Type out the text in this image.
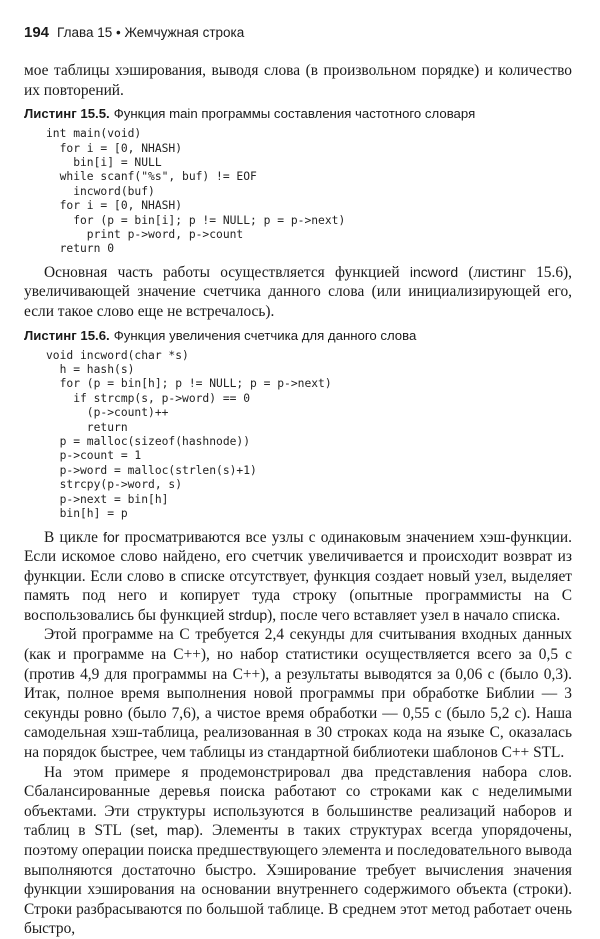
194 Глава 15 • Жемчужная строка

мое таблицы хэширования, выводя слова (в произвольном порядке) и количество их повторений.

Листинг 15.5. Функция main программы составления частотного словаря
int main(void)
for i = [0, NHASH)
bin[i] = NULL
while scanf("%s", buf) != EOF
incword(buf)
for i = [0, NHASH)
for (p = bin[i]; p != NULL; p = p->next)
print p->word, p->count
return 0

Основная часть работы осуществляется функцией incword (листинг 15.6), увеличивающей значение счетчика данного слова (или инициализирующей его, если такое слово еще не встречалось).

Листинг 15.6. Функция увеличения счетчика для данного слова
void incword(char *s)
h = hash(s)
for (p = bin[h]; p != NULL; p = p->next)
if strcmp(s, p->word) == 0
(p->count)++
return
p = malloc(sizeof(hashnode))
p->count = 1
p->word = malloc(strlen(s)+1)
strcpy(p->word, s)
p->next = bin[h]
bin[h] = p

В цикле for просматриваются все узлы с одинаковым значением хэш-функции. Если искомое слово найдено, его счетчик увеличивается и происходит возврат из функции. Если слово в списке отсутствует, функция создает новый узел, выделяет память под него и копирует туда строку (опытные программисты на C воспользовались бы функцией strdup), после чего вставляет узел в начало списка.

Этой программе на C требуется 2,4 секунды для считывания входных данных (как и программе на C++), но набор статистики осуществляется всего за 0,5 с (против 4,9 для программы на C++), а результаты выводятся за 0,06 с (было 0,3). Итак, полное время выполнения новой программы при обработке Библии — 3 секунды ровно (было 7,6), а чистое время обработки — 0,55 с (было 5,2 с). Наша самодельная хэш-таблица, реализованная в 30 строках кода на языке C, оказалась на порядок быстрее, чем таблицы из стандартной библиотеки шаблонов C++ STL.

На этом примере я продемонстрировал два представления набора слов. Сбалансированные деревья поиска работают со строками как с неделимыми объектами. Эти структуры используются в большинстве реализаций наборов и таблиц в STL (set, map). Элементы в таких структурах всегда упорядочены, поэтому операции поиска предшествующего элемента и последовательного вывода выполняются достаточно быстро. Хэширование требует вычисления значения функции хэширования на основании внутреннего содержимого объекта (строки). Строки разбрасываются по большой таблице. В среднем этот метод работает очень быстро,
